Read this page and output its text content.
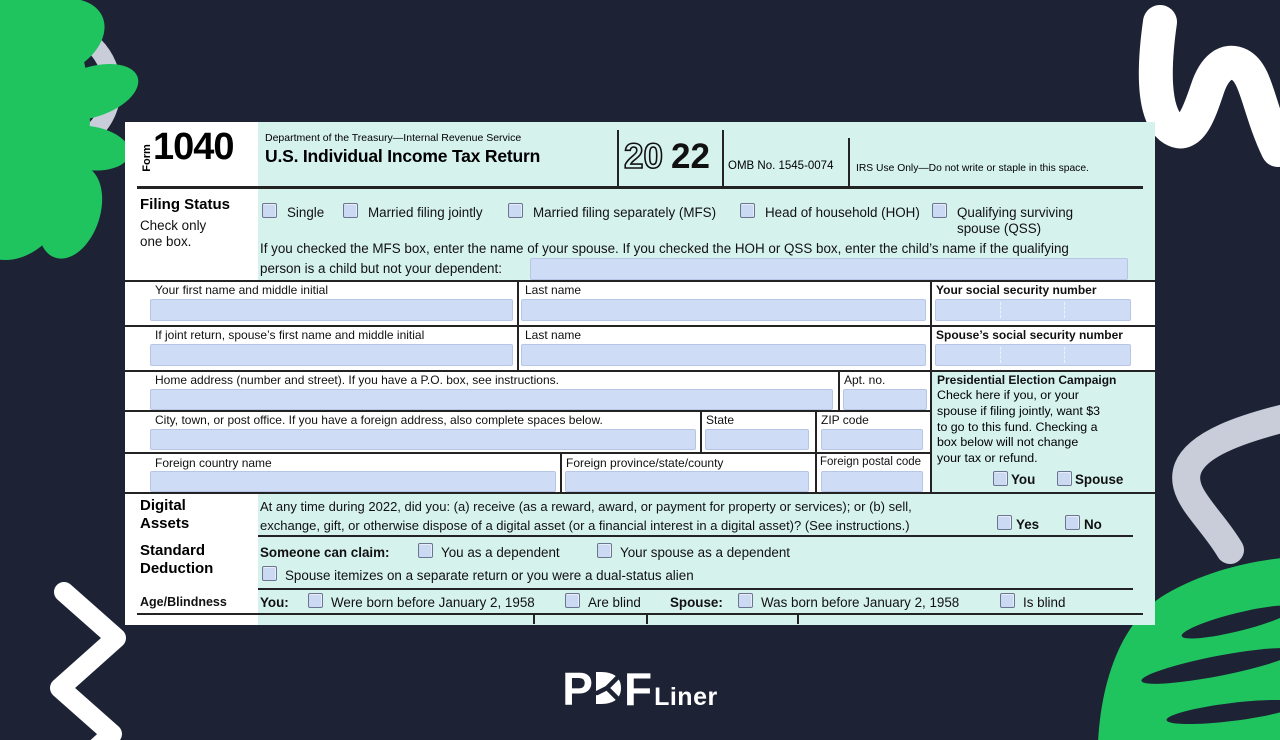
Form 1040	Department of the Treasury—Internal Revenue Service
U.S. Individual Income Tax Return 20 22 OMB No. 1545-0074 IRS Use Only—Do not write or staple in this space.
Filing Status
Check only one box.
Single	Married filing jointly	Married filing separately (MFS)	Head of household (HOH)	Qualifying surviving spouse (QSS)
If you checked the MFS box, enter the name of your spouse. If you checked the HOH or QSS box, enter the child’s name if the qualifying
person is a child but not your dependent:
Your first name and middle initial	Last name	Your social security number
If joint return, spouse’s first name and middle initial	Last name	Spouse’s social security number
Home address (number and street). If you have a P.O. box, see instructions.	Apt. no.
City, town, or post office. If you have a foreign address, also complete spaces below.	State	ZIP code
Foreign country name	Foreign province/state/county	Foreign postal code
Presidential Election Campaign
Check here if you, or your
spouse if filing jointly, want $3
to go to this fund. Checking a
box below will not change
your tax or refund.
You	Spouse
Digital
Assets
At any time during 2022, did you: (a) receive (as a reward, award, or payment for property or services); or (b) sell,
exchange, gift, or otherwise dispose of a digital asset (or a financial interest in a digital asset)? (See instructions.)	Yes	No
Standard
Deduction
Someone can claim:	You as a dependent	Your spouse as a dependent
Spouse itemizes on a separate return or you were a dual-status alien
Age/Blindness You:	Were born before January 2, 1958	Are blind Spouse:	Was born before January 2, 1958	Is blind
P F Liner
